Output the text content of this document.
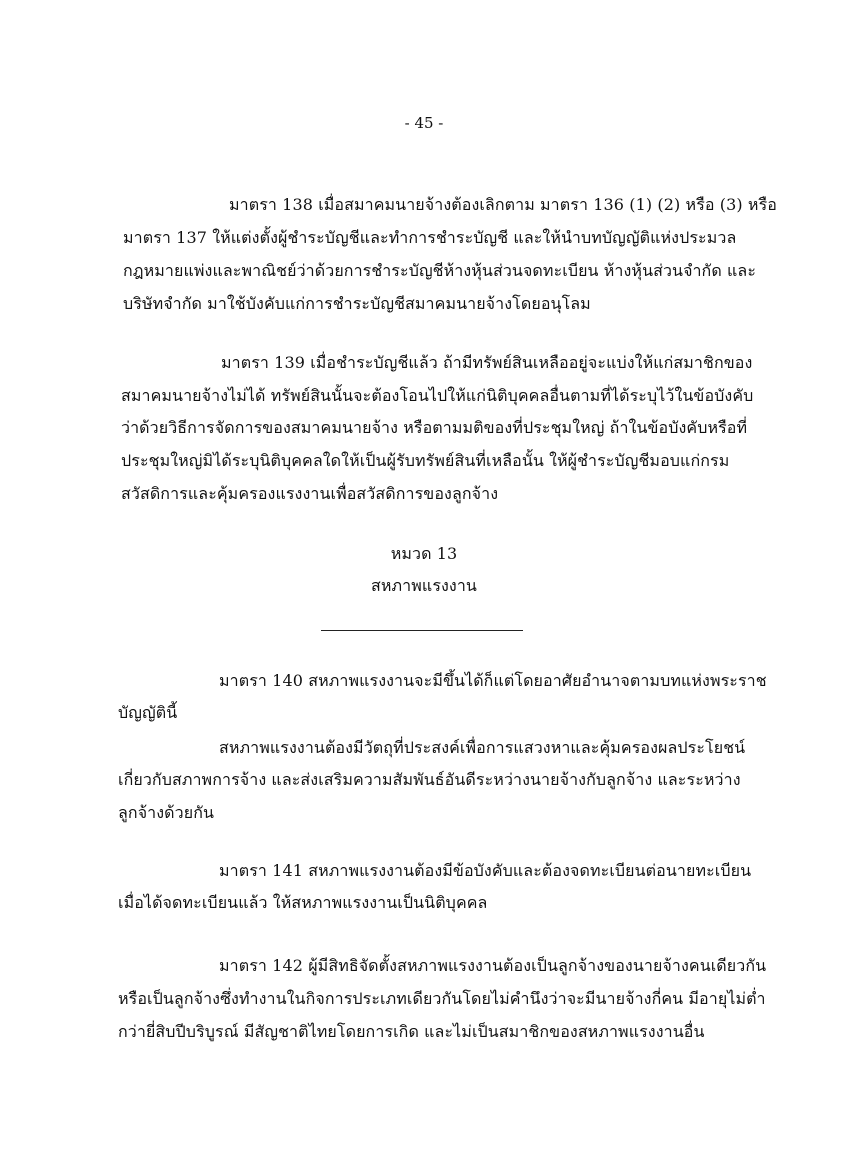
- 45 -
มาตรา 138 เมื่อสมาคมนายจ้างต้องเลิกตาม มาตรา 136 (1) (2) หรือ (3) หรือ
มาตรา 137 ให้แต่งตั้งผู้ชำระบัญชีและทำการชำระบัญชี และให้นำบทบัญญัติแห่งประมวล
กฎหมายแพ่งและพาณิชย์ว่าด้วยการชำระบัญชีห้างหุ้นส่วนจดทะเบียน ห้างหุ้นส่วนจำกัด และ
บริษัทจำกัด มาใช้บังคับแก่การชำระบัญชีสมาคมนายจ้างโดยอนุโลม
มาตรา 139 เมื่อชำระบัญชีแล้ว ถ้ามีทรัพย์สินเหลืออยู่จะแบ่งให้แก่สมาชิกของ
สมาคมนายจ้างไม่ได้ ทรัพย์สินนั้นจะต้องโอนไปให้แก่นิติบุคคลอื่นตามที่ได้ระบุไว้ในข้อบังคับ
ว่าด้วยวิธีการจัดการของสมาคมนายจ้าง หรือตามมติของที่ประชุมใหญ่ ถ้าในข้อบังคับหรือที่
ประชุมใหญ่มิได้ระบุนิติบุคคลใดให้เป็นผู้รับทรัพย์สินที่เหลือนั้น ให้ผู้ชำระบัญชีมอบแก่กรม
สวัสดิการและคุ้มครองแรงงานเพื่อสวัสดิการของลูกจ้าง
หมวด 13
สหภาพแรงงาน
มาตรา 140 สหภาพแรงงานจะมีขึ้นได้ก็แต่โดยอาศัยอำนาจตามบทแห่งพระราช
บัญญัตินี้
สหภาพแรงงานต้องมีวัตถุที่ประสงค์เพื่อการแสวงหาและคุ้มครองผลประโยชน์
เกี่ยวกับสภาพการจ้าง และส่งเสริมความสัมพันธ์อันดีระหว่างนายจ้างกับลูกจ้าง และระหว่าง
ลูกจ้างด้วยกัน
มาตรา 141 สหภาพแรงงานต้องมีข้อบังคับและต้องจดทะเบียนต่อนายทะเบียน
เมื่อได้จดทะเบียนแล้ว ให้สหภาพแรงงานเป็นนิติบุคคล
มาตรา 142 ผู้มีสิทธิจัดตั้งสหภาพแรงงานต้องเป็นลูกจ้างของนายจ้างคนเดียวกัน
หรือเป็นลูกจ้างซึ่งทำงานในกิจการประเภทเดียวกันโดยไม่คำนึงว่าจะมีนายจ้างกี่คน มีอายุไม่ต่ำ
กว่ายี่สิบปีบริบูรณ์ มีสัญชาติไทยโดยการเกิด และไม่เป็นสมาชิกของสหภาพแรงงานอื่น
